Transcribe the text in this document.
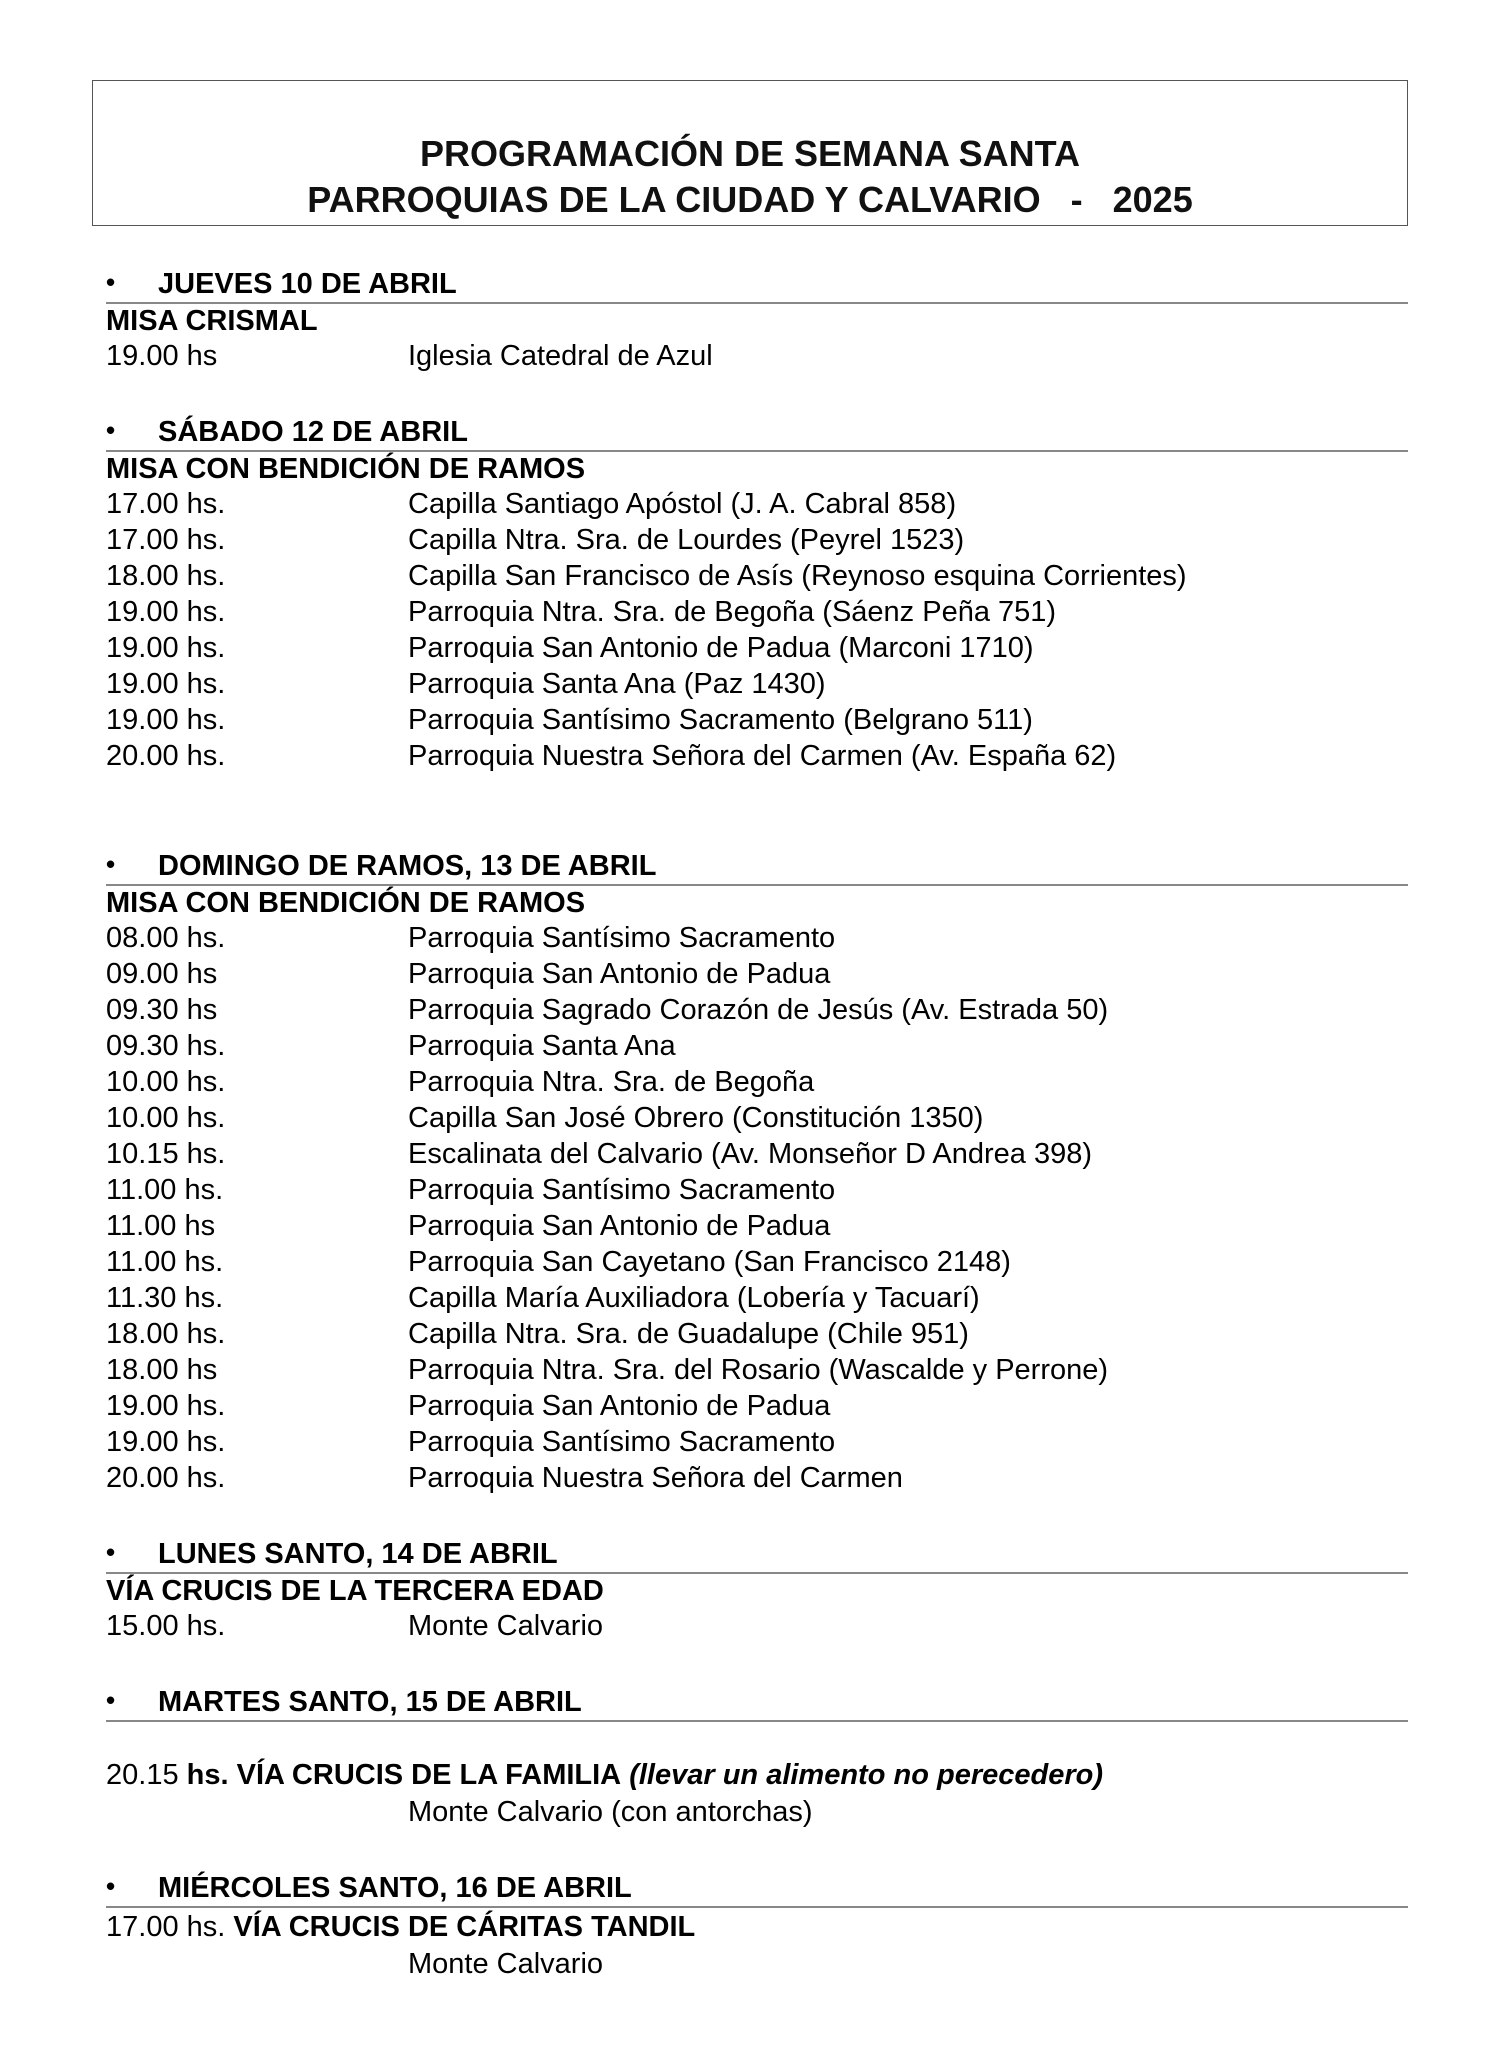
PROGRAMACIÓN DE SEMANA SANTA
PARROQUIAS DE LA CIUDAD Y CALVARIO   -   2025
• JUEVES 10 DE ABRIL
MISA CRISMAL
19.00 hs	Iglesia Catedral de Azul
• SÁBADO 12 DE ABRIL
MISA CON BENDICIÓN DE RAMOS
17.00 hs.	Capilla Santiago Apóstol (J. A. Cabral 858)
17.00 hs.	Capilla Ntra. Sra. de Lourdes (Peyrel 1523)
18.00 hs.	Capilla San Francisco de Asís (Reynoso esquina Corrientes)
19.00 hs.	Parroquia Ntra. Sra. de Begoña (Sáenz Peña 751)
19.00 hs.	Parroquia San Antonio de Padua (Marconi 1710)
19.00 hs.	Parroquia Santa Ana (Paz 1430)
19.00 hs.	Parroquia Santísimo Sacramento (Belgrano 511)
20.00 hs.	Parroquia Nuestra Señora del Carmen (Av. España 62)
• DOMINGO DE RAMOS, 13 DE ABRIL
MISA CON BENDICIÓN DE RAMOS
08.00 hs.	Parroquia Santísimo Sacramento
09.00 hs	Parroquia San Antonio de Padua
09.30 hs	Parroquia Sagrado Corazón de Jesús (Av. Estrada 50)
09.30 hs.	Parroquia Santa Ana
10.00 hs.	Parroquia Ntra. Sra. de Begoña
10.00 hs.	Capilla San José Obrero (Constitución 1350)
10.15 hs.	Escalinata del Calvario (Av. Monseñor D Andrea 398)
11.00 hs.	Parroquia Santísimo Sacramento
11.00 hs	Parroquia San Antonio de Padua
11.00 hs.	Parroquia San Cayetano (San Francisco 2148)
11.30 hs.	Capilla María Auxiliadora (Lobería y Tacuarí)
18.00 hs.	Capilla Ntra. Sra. de Guadalupe (Chile 951)
18.00 hs	Parroquia Ntra. Sra. del Rosario (Wascalde y Perrone)
19.00 hs.	Parroquia San Antonio de Padua
19.00 hs.	Parroquia Santísimo Sacramento
20.00 hs.	Parroquia Nuestra Señora del Carmen
• LUNES SANTO, 14 DE ABRIL
VÍA CRUCIS DE LA TERCERA EDAD
15.00 hs.	Monte Calvario
• MARTES SANTO, 15 DE ABRIL
20.15 hs. VÍA CRUCIS DE LA FAMILIA (llevar un alimento no perecedero)
Monte Calvario (con antorchas)
• MIÉRCOLES SANTO, 16 DE ABRIL
17.00 hs. VÍA CRUCIS DE CÁRITAS TANDIL
Monte Calvario
